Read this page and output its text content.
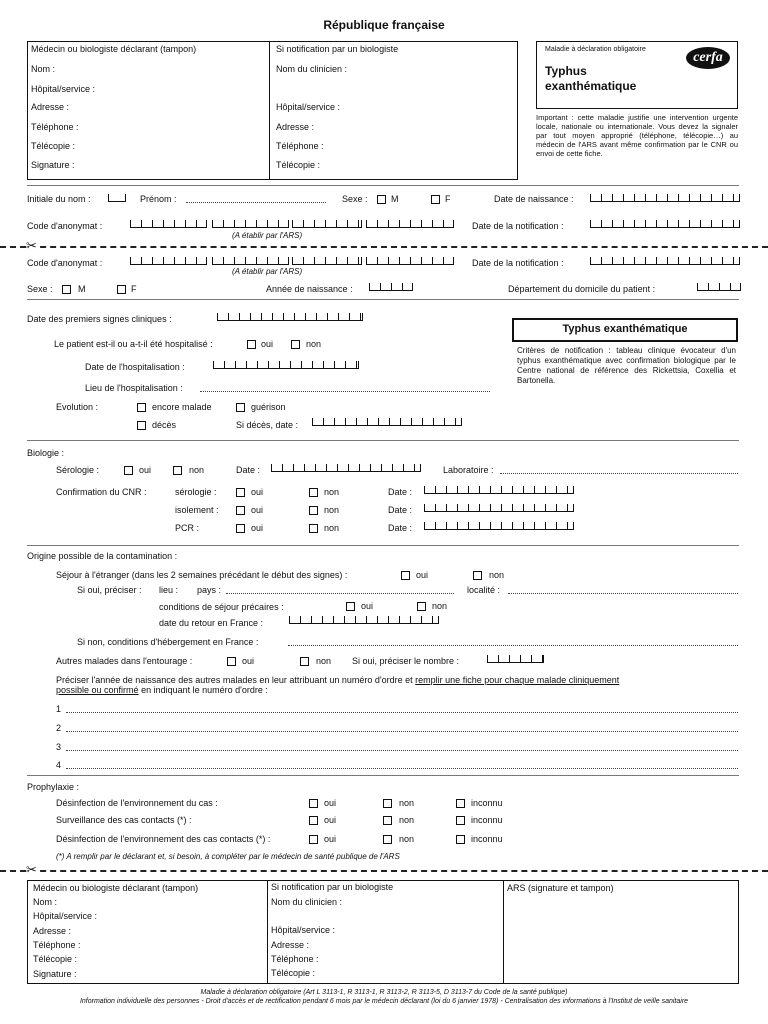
République française
Médecin ou biologiste déclarant (tampon)
Nom :
Hôpital/service :
Adresse :
Téléphone :
Télécopie :
Signature :
Si notification par un biologiste
Nom du clinicien :
Hôpital/service :
Adresse :
Téléphone :
Télécopie :
Maladie à déclaration obligatoire
cerfa
Typhus
exanthématique
Important : cette maladie justifie une intervention urgente locale, nationale ou internationale. Vous devez la signaler par tout moyen approprié (téléphone, télécopie…) au médecin de l'ARS avant même confirmation par le CNR ou envoi de cette fiche.
Initiale du nom :	Prénom :	Sexe :	M	F	Date de naissance :
Code d'anonymat :
(A établir par l'ARS)
Date de la notification :
✂
Code d'anonymat :
(A établir par l'ARS)
Date de la notification :
Sexe :	M	F	Année de naissance :	Département du domicile du patient :
Date des premiers signes cliniques :
Le patient est-il ou a-t-il été hospitalisé :	oui	non
Date de l'hospitalisation :
Lieu de l'hospitalisation :
Evolution :	encore malade	guérison
décès	Si décès, date :
Typhus exanthématique
Critères de notification : tableau clinique évocateur d'un typhus exanthématique avec confirmation biologique par le Centre national de référence des Rickettsia, Coxellia et Bartonella.
Biologie :
Sérologie :	oui	non	Date :	Laboratoire :
Confirmation du CNR :	sérologie :	oui	non	Date :
isolement :	oui	non	Date :
PCR :	oui	non	Date :
Origine possible de la contamination :
Séjour à l'étranger (dans les 2 semaines précédant le début des signes) :	oui	non
Si oui, préciser : lieu : pays :	localité :
conditions de séjour précaires :	oui	non
date du retour en France :
Si non, conditions d'hébergement en France :
Autres malades dans l'entourage :	oui	non Si oui, préciser le nombre :
Préciser l'année de naissance des autres malades en leur attribuant un numéro d'ordre et remplir une fiche pour chaque malade cliniquement
possible ou confirmé en indiquant le numéro d'ordre :
1
2
3
4
Prophylaxie :
Désinfection de l'environnement du cas :	oui	non	inconnu
Surveillance des cas contacts (*) :	oui	non	inconnu
Désinfection de l'environnement des cas contacts (*) :	oui	non	inconnu
(*) A remplir par le déclarant et, si besoin, à compléter par le médecin de santé publique de l'ARS
✂
Médecin ou biologiste déclarant (tampon)
Nom :
Hôpital/service :
Adresse :
Téléphone :
Télécopie :
Signature :
Si notification par un biologiste
Nom du clinicien :
Hôpital/service :
Adresse :
Téléphone :
Télécopie :
ARS (signature et tampon)
Maladie à déclaration obligatoire (Art L 3113-1, R 3113-1, R 3113-2, R 3113-5, D 3113-7 du Code de la santé publique)
Information individuelle des personnes - Droit d'accès et de rectification pendant 6 mois par le médecin déclarant (loi du 6 janvier 1978) - Centralisation des informations à l'Institut de veille sanitaire
